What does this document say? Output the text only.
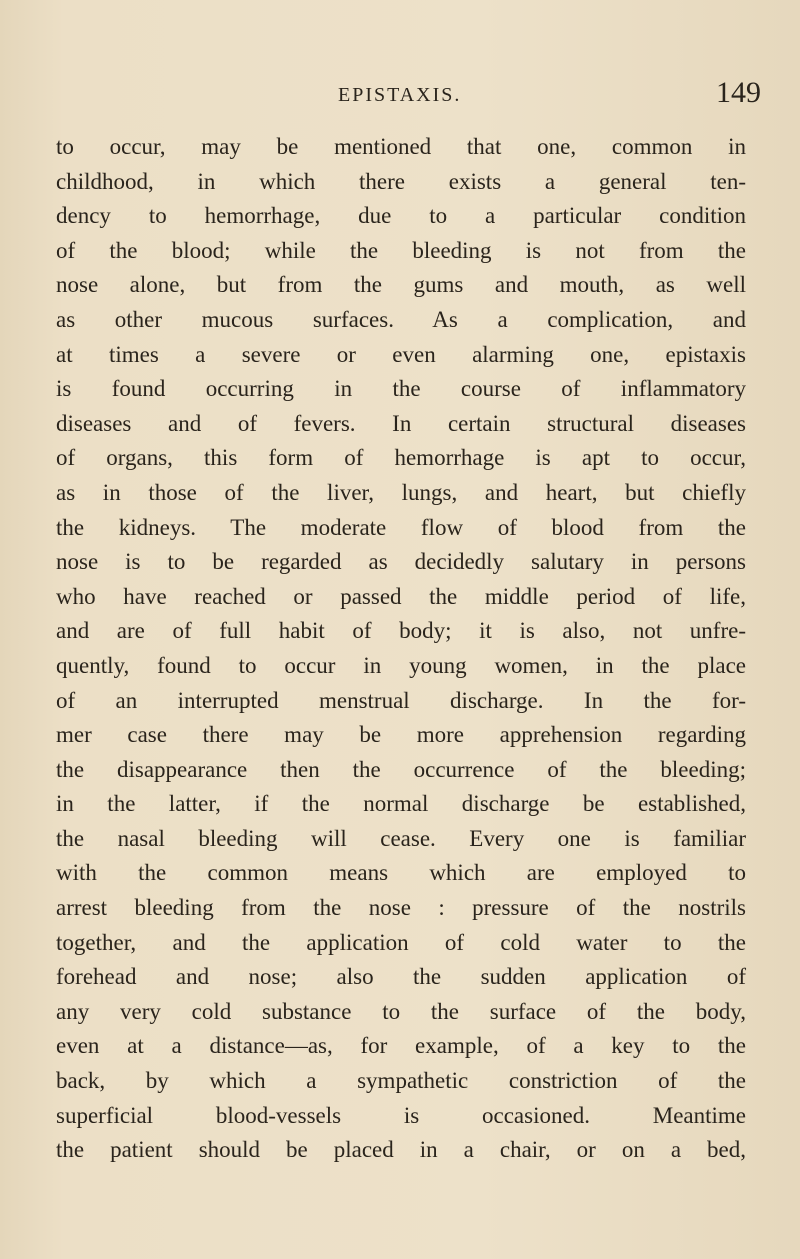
EPISTAXIS.	149
to occur, may be mentioned that one, common in
childhood, in which there exists a general ten-
dency to hemorrhage, due to a particular condition
of the blood; while the bleeding is not from the
nose alone, but from the gums and mouth, as well
as other mucous surfaces. As a complication, and
at times a severe or even alarming one, epistaxis
is found occurring in the course of inflammatory
diseases and of fevers. In certain structural diseases
of organs, this form of hemorrhage is apt to occur,
as in those of the liver, lungs, and heart, but chiefly
the kidneys. The moderate flow of blood from the
nose is to be regarded as decidedly salutary in persons
who have reached or passed the middle period of life,
and are of full habit of body; it is also, not unfre-
quently, found to occur in young women, in the place
of an interrupted menstrual discharge. In the for-
mer case there may be more apprehension regarding
the disappearance then the occurrence of the bleeding;
in the latter, if the normal discharge be established,
the nasal bleeding will cease. Every one is familiar
with the common means which are employed to
arrest bleeding from the nose : pressure of the nostrils
together, and the application of cold water to the
forehead and nose; also the sudden application of
any very cold substance to the surface of the body,
even at a distance—as, for example, of a key to the
back, by which a sympathetic constriction of the
superficial blood-vessels is occasioned. Meantime
the patient should be placed in a chair, or on a bed,
